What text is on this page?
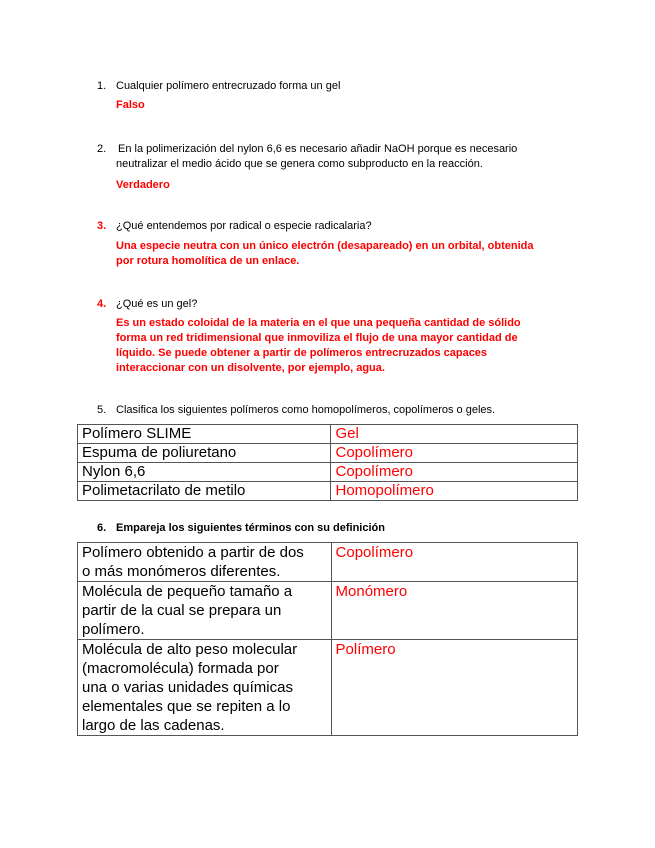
1. Cualquier polímero entrecruzado forma un gel
Falso
2.	En la polimerización del nylon 6,6 es necesario añadir NaOH porque es necesario
neutralizar el medio ácido que se genera como subproducto en la reacción.
Verdadero
3. ¿Qué entendemos por radical o especie radicalaria?
Una especie neutra con un único electrón (desapareado) en un orbital, obtenida
por rotura homolítica de un enlace.
4. ¿Qué es un gel?
Es un estado coloidal de la materia en el que una pequeña cantidad de sólido
forma un red tridimensional que inmoviliza el flujo de una mayor cantidad de
líquido. Se puede obtener a partir de polímeros entrecruzados capaces
interaccionar con un disolvente, por ejemplo, agua.
5. Clasifica los siguientes polímeros como homopolímeros, copolímeros o geles.
Polímero SLIME	Gel
Espuma de poliuretano	Copolímero
Nylon 6,6	Copolímero
Polimetacrilato de metilo	Homopolímero
6. Empareja los siguientes términos con su definición
Polímero obtenido a partir de dos
o más monómeros diferentes.	Copolímero

Molécula de pequeño tamaño a
partir de la cual se prepara un
polímero.	Monómero

Molécula de alto peso molecular
(macromolécula) formada por
una o varias unidades químicas
elementales que se repiten a lo
largo de las cadenas.	Polímero
